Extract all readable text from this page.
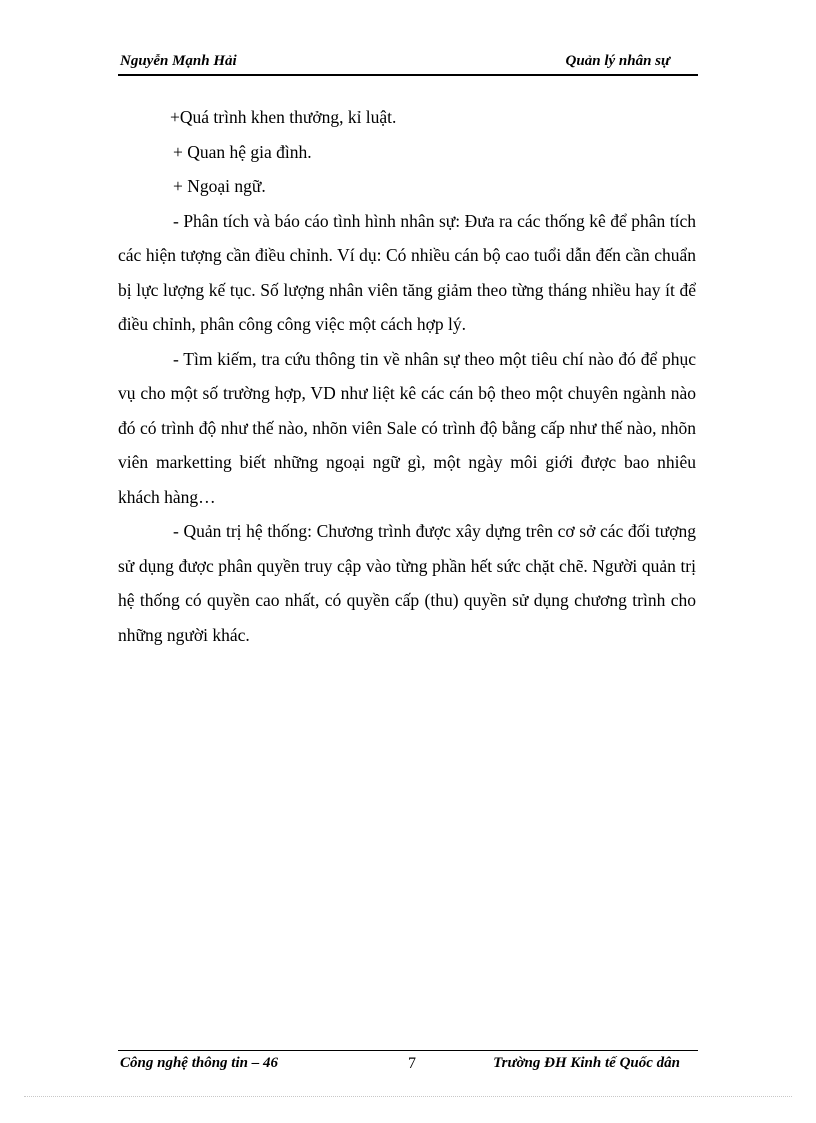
Nguyễn Mạnh Hải	Quản lý nhân sự

+Quá trình khen thưởng, kỉ luật.

+ Quan hệ gia đình.

+ Ngoại ngữ.

- Phân tích và báo cáo tình hình nhân sự: Đưa ra các thống kê để phân tích các hiện tượng cần điều chỉnh. Ví dụ: Có nhiều cán bộ cao tuổi dẫn đến cần chuẩn bị lực lượng kế tục. Số lượng nhân viên tăng giảm theo từng tháng nhiều hay ít để điều chỉnh, phân công công việc một cách hợp lý.

- Tìm kiếm, tra cứu thông tin về nhân sự theo một tiêu chí nào đó để phục vụ cho một số trường hợp, VD như liệt kê các cán bộ theo một chuyên ngành nào đó có trình độ như thế nào, nhõn viên Sale có trình độ bằng cấp như thế nào, nhõn viên marketting biết những ngoại ngữ gì, một ngày môi giới được bao nhiêu khách hàng…

- Quản trị hệ thống: Chương trình được xây dựng trên cơ sở các đối tượng sử dụng được phân quyền truy cập vào từng phần hết sức chặt chẽ. Người quản trị hệ thống có quyền cao nhất, có quyền cấp (thu) quyền sử dụng chương trình cho những người khác.

Công nghệ thông tin – 46	7	Trường ĐH Kinh tế Quốc dân
